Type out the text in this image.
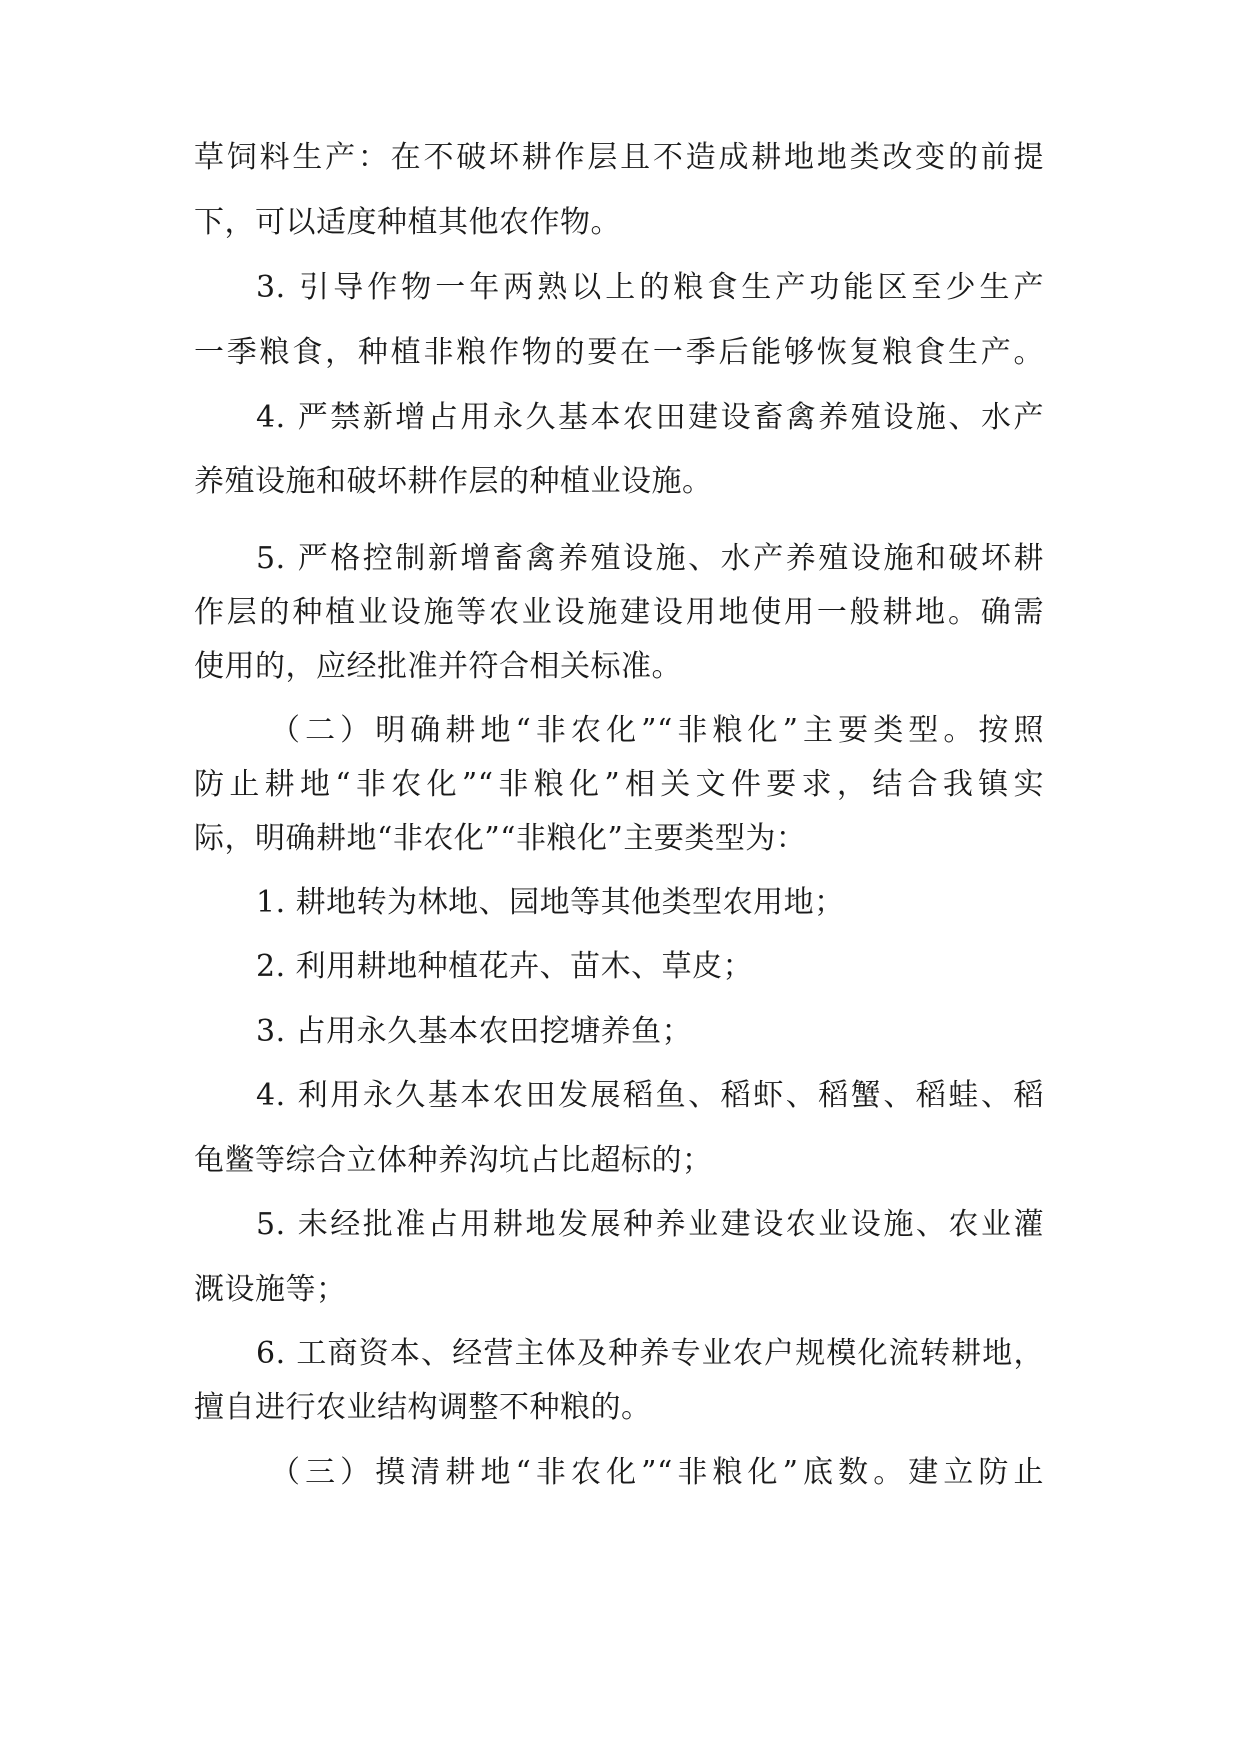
草饲料生产：在不破坏耕作层且不造成耕地地类改变的前提
下，可以适度种植其他农作物。
3. 引导作物一年两熟以上的粮食生产功能区至少生产
一季粮食，种植非粮作物的要在一季后能够恢复粮食生产。
4. 严禁新增占用永久基本农田建设畜禽养殖设施、水产
养殖设施和破坏耕作层的种植业设施。
5. 严格控制新增畜禽养殖设施、水产养殖设施和破坏耕
作层的种植业设施等农业设施建设用地使用一般耕地。确需
使用的，应经批准并符合相关标准。
（二）明确耕地“非农化”“非粮化”主要类型。按照
防止耕地“非农化”“非粮化”相关文件要求，结合我镇实
际，明确耕地“非农化”“非粮化”主要类型为：
1. 耕地转为林地、园地等其他类型农用地；
2. 利用耕地种植花卉、苗木、草皮；
3. 占用永久基本农田挖塘养鱼；
4. 利用永久基本农田发展稻鱼、稻虾、稻蟹、稻蛙、稻
龟鳖等综合立体种养沟坑占比超标的；
5. 未经批准占用耕地发展种养业建设农业设施、农业灌
溉设施等；
6. 工商资本、经营主体及种养专业农户规模化流转耕地，
擅自进行农业结构调整不种粮的。
（三）摸清耕地“非农化”“非粮化”底数。建立防止
